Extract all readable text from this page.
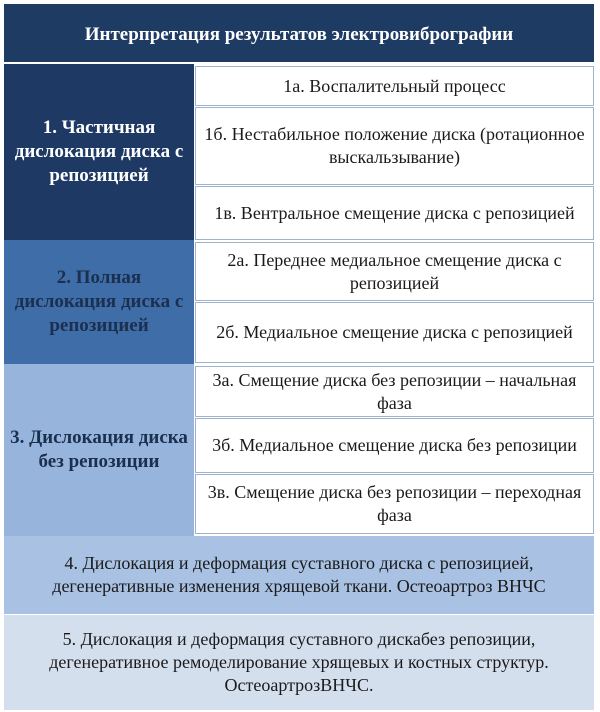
Интерпретация результатов электровибрографии
1. Частичная дислокация диска с репозицией
1а. Воспалительный процесс
1б. Нестабильное положение диска (ротационное выскальзывание)
1в. Вентральное смещение диска с репозицией
2. Полная дислокация диска с репозицией
2а. Переднее медиальное смещение диска с репозицией
2б. Медиальное смещение диска с репозицией
3. Дислокация диска без репозиции
3а. Смещение диска без репозиции – начальная фаза
3б. Медиальное смещение диска без репозиции
3в. Смещение диска без репозиции – переходная фаза
4. Дислокация и деформация суставного диска с репозицией, дегенеративные изменения хрящевой ткани. Остеоартроз ВНЧС
5. Дислокация и деформация суставного дискабез репозиции, дегенеративное ремоделирование хрящевых и костных структур. ОстеоартрозВНЧС.
